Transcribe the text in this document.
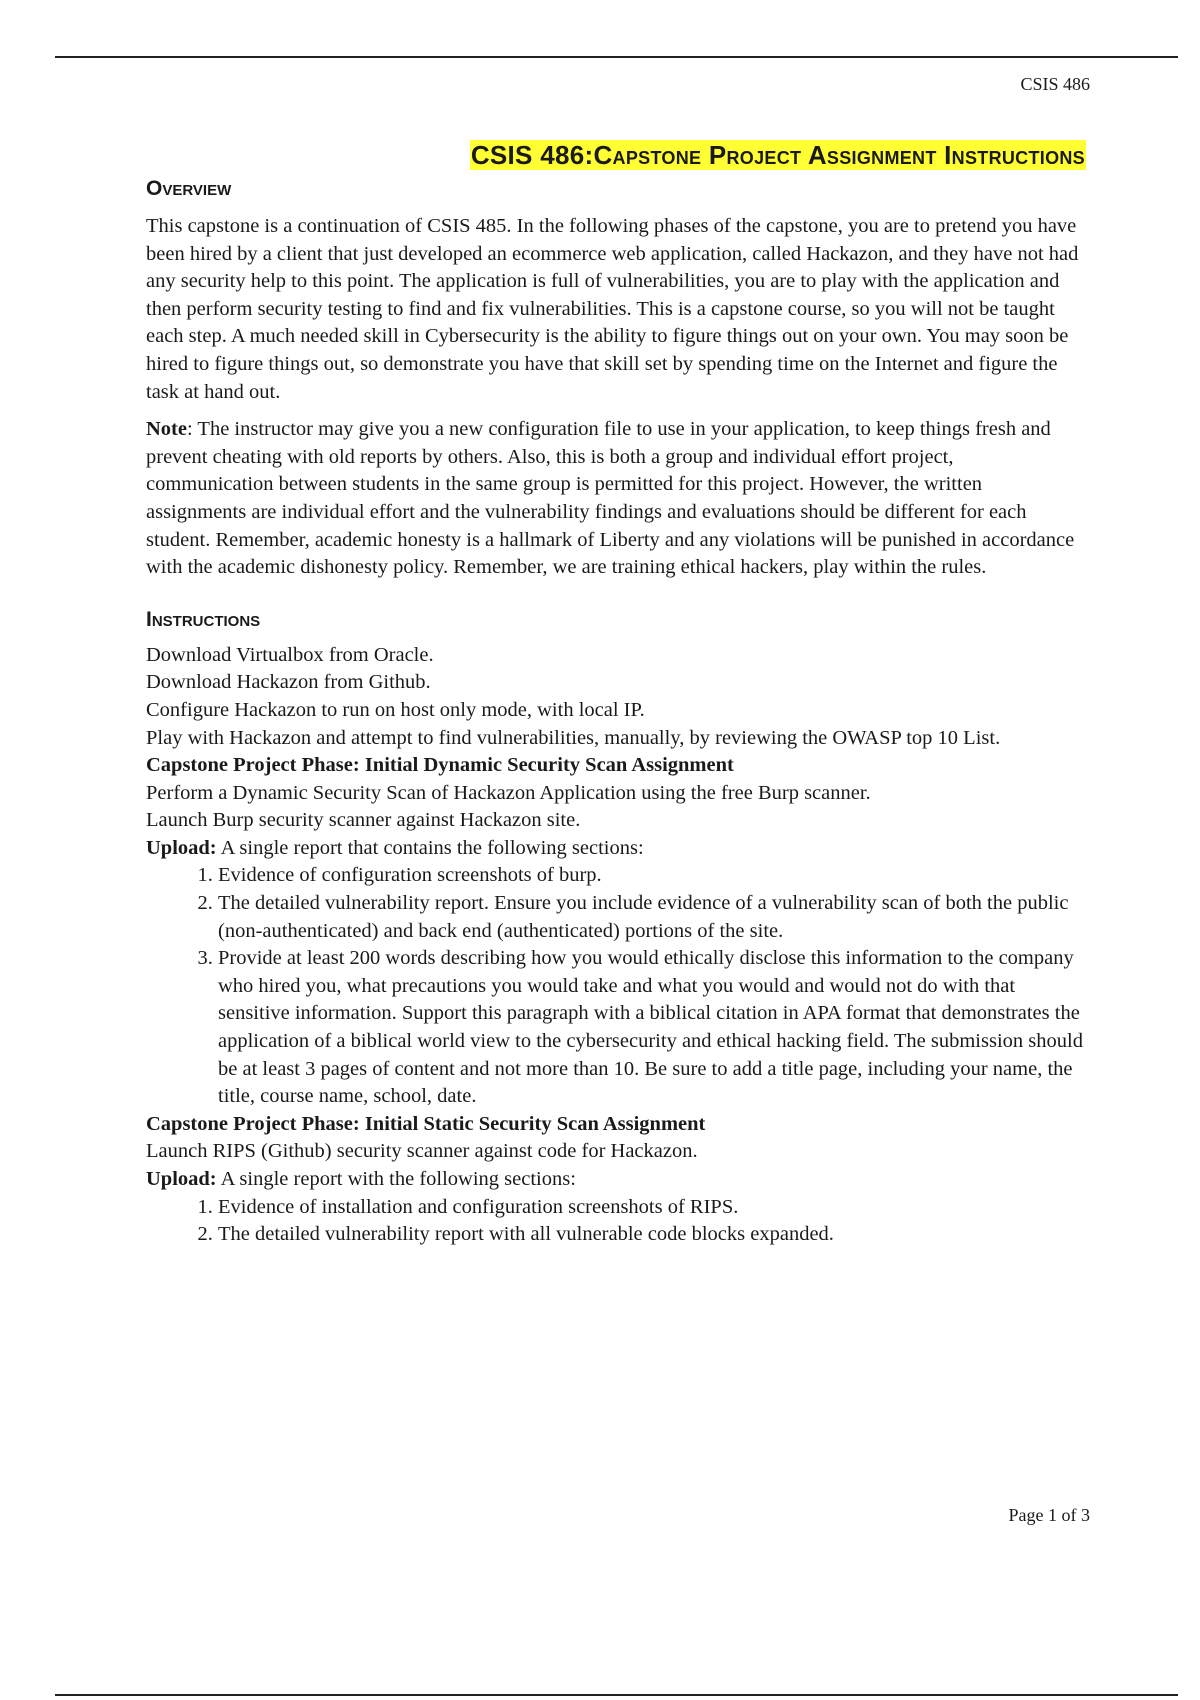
CSIS 486
CSIS 486:Capstone Project Assignment Instructions
Overview

This capstone is a continuation of CSIS 485. In the following phases of the capstone, you are to pretend you have been hired by a client that just developed an ecommerce web application, called Hackazon, and they have not had any security help to this point. The application is full of vulnerabilities, you are to play with the application and then perform security testing to find and fix vulnerabilities. This is a capstone course, so you will not be taught each step. A much needed skill in Cybersecurity is the ability to figure things out on your own. You may soon be hired to figure things out, so demonstrate you have that skill set by spending time on the Internet and figure the task at hand out.

Note: The instructor may give you a new configuration file to use in your application, to keep things fresh and prevent cheating with old reports by others. Also, this is both a group and individual effort project, communication between students in the same group is permitted for this project. However, the written assignments are individual effort and the vulnerability findings and evaluations should be different for each student. Remember, academic honesty is a hallmark of Liberty and any violations will be punished in accordance with the academic dishonesty policy. Remember, we are training ethical hackers, play within the rules.

Instructions
Download Virtualbox from Oracle.
Download Hackazon from Github.
Configure Hackazon to run on host only mode, with local IP.
Play with Hackazon and attempt to find vulnerabilities, manually, by reviewing the OWASP top 10 List.
Capstone Project Phase: Initial Dynamic Security Scan Assignment
Perform a Dynamic Security Scan of Hackazon Application using the free Burp scanner.
Launch Burp security scanner against Hackazon site.
Upload: A single report that contains the following sections:
1. Evidence of configuration screenshots of burp.
2. The detailed vulnerability report. Ensure you include evidence of a vulnerability scan of both the public (non-authenticated) and back end (authenticated) portions of the site.
3. Provide at least 200 words describing how you would ethically disclose this information to the company who hired you, what precautions you would take and what you would and would not do with that sensitive information. Support this paragraph with a biblical citation in APA format that demonstrates the application of a biblical world view to the cybersecurity and ethical hacking field. The submission should be at least 3 pages of content and not more than 10. Be sure to add a title page, including your name, the title, course name, school, date.
Capstone Project Phase: Initial Static Security Scan Assignment
Launch RIPS (Github) security scanner against code for Hackazon.
Upload: A single report with the following sections:
1. Evidence of installation and configuration screenshots of RIPS.
2. The detailed vulnerability report with all vulnerable code blocks expanded.
Page 1 of 3
